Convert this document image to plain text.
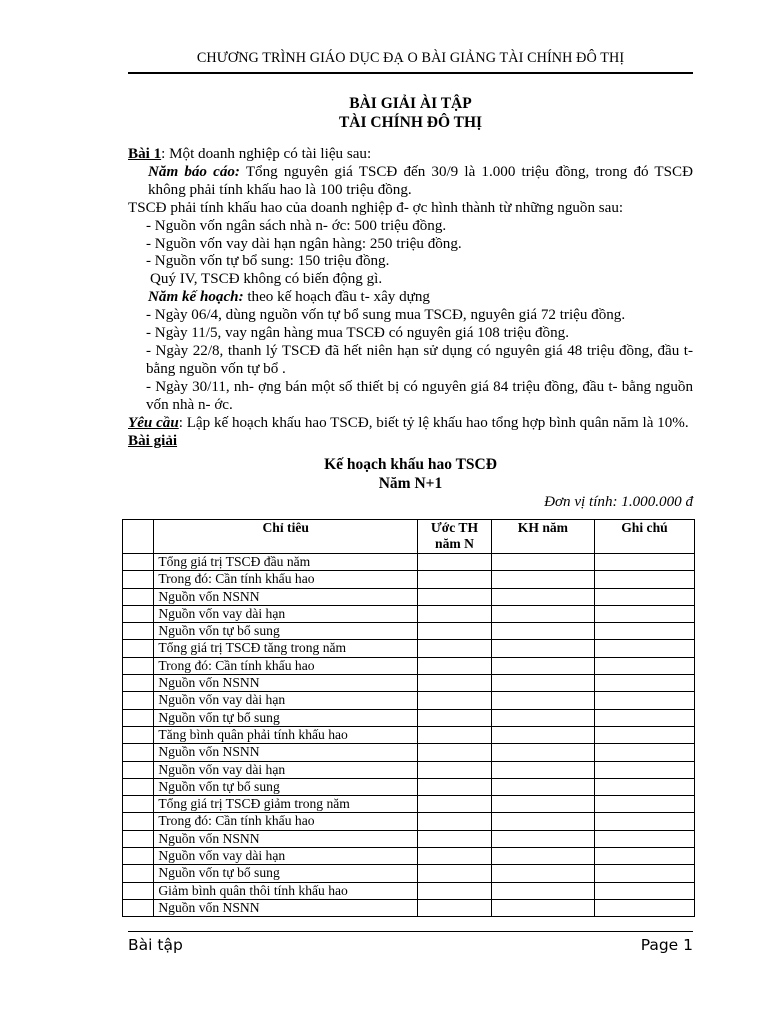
CHƯƠNG TRÌNH GIÁO DỤC ĐẠ O BÀI GIẢNG TÀI CHÍNH ĐÔ THỊ
BÀI GIẢI ÀI TẬP
TÀI CHÍNH ĐÔ THỊ

Bài 1: Một doanh nghiệp có tài liệu sau:

Năm báo cáo: Tổng nguyên giá TSCĐ đến 30/9 là 1.000 triệu đồng, trong đó TSCĐ không phải tính khấu hao là 100 triệu đồng.

TSCĐ phải tính khấu hao của doanh nghiệp đ- ợc hình thành từ những nguồn sau:

- Nguồn vốn ngân sách nhà n- ớc: 500 triệu đồng.

- Nguồn vốn vay dài hạn ngân hàng: 250 triệu đồng.

- Nguồn vốn tự bổ sung: 150 triệu đồng.

Quý IV, TSCĐ không có biến động gì.

Năm kế hoạch: theo kế hoạch đầu t- xây dựng

- Ngày 06/4, dùng nguồn vốn tự bổ sung mua TSCĐ, nguyên giá 72 triệu đồng.

- Ngày 11/5, vay ngân hàng mua TSCĐ có nguyên giá 108 triệu đồng.

- Ngày 22/8, thanh lý TSCĐ đã hết niên hạn sử dụng có nguyên giá 48 triệu đồng, đầu t- bằng nguồn vốn tự bổ .

- Ngày 30/11, nh- ợng bán một số thiết bị có nguyên giá 84 triệu đồng, đầu t- bằng nguồn vốn nhà n- ớc.

Yêu cầu: Lập kế hoạch khấu hao TSCĐ, biết tỷ lệ khấu hao tổng hợp bình quân năm là 10%.

Bài giải

Kế hoạch khấu hao TSCĐ

Năm N+1

Đơn vị tính: 1.000.000 đ

	Chỉ tiêu	Ước TH năm N	KH năm	Ghi chú
	Tổng giá trị TSCĐ đầu năm			
	Trong đó: Cần tính khấu hao			
	Nguồn vốn NSNN			
	Nguồn vốn vay dài hạn			
	Nguồn vốn tự bổ sung			
	Tổng giá trị TSCĐ tăng trong năm			
	Trong đó: Cần tính khấu hao			
	Nguồn vốn NSNN			
	Nguồn vốn vay dài hạn			
	Nguồn vốn tự bổ sung			
	Tăng bình quân phải tính khấu hao			
	Nguồn vốn NSNN			
	Nguồn vốn vay dài hạn			
	Nguồn vốn tự bổ sung			
	Tổng giá trị TSCĐ giảm trong năm			
	Trong đó: Cần tính khấu hao			
	Nguồn vốn NSNN			
	Nguồn vốn vay dài hạn			
	Nguồn vốn tự bổ sung			
	Giảm bình quân thôi tính khấu hao			
	Nguồn vốn NSNN			
Bài tập	Page 1
